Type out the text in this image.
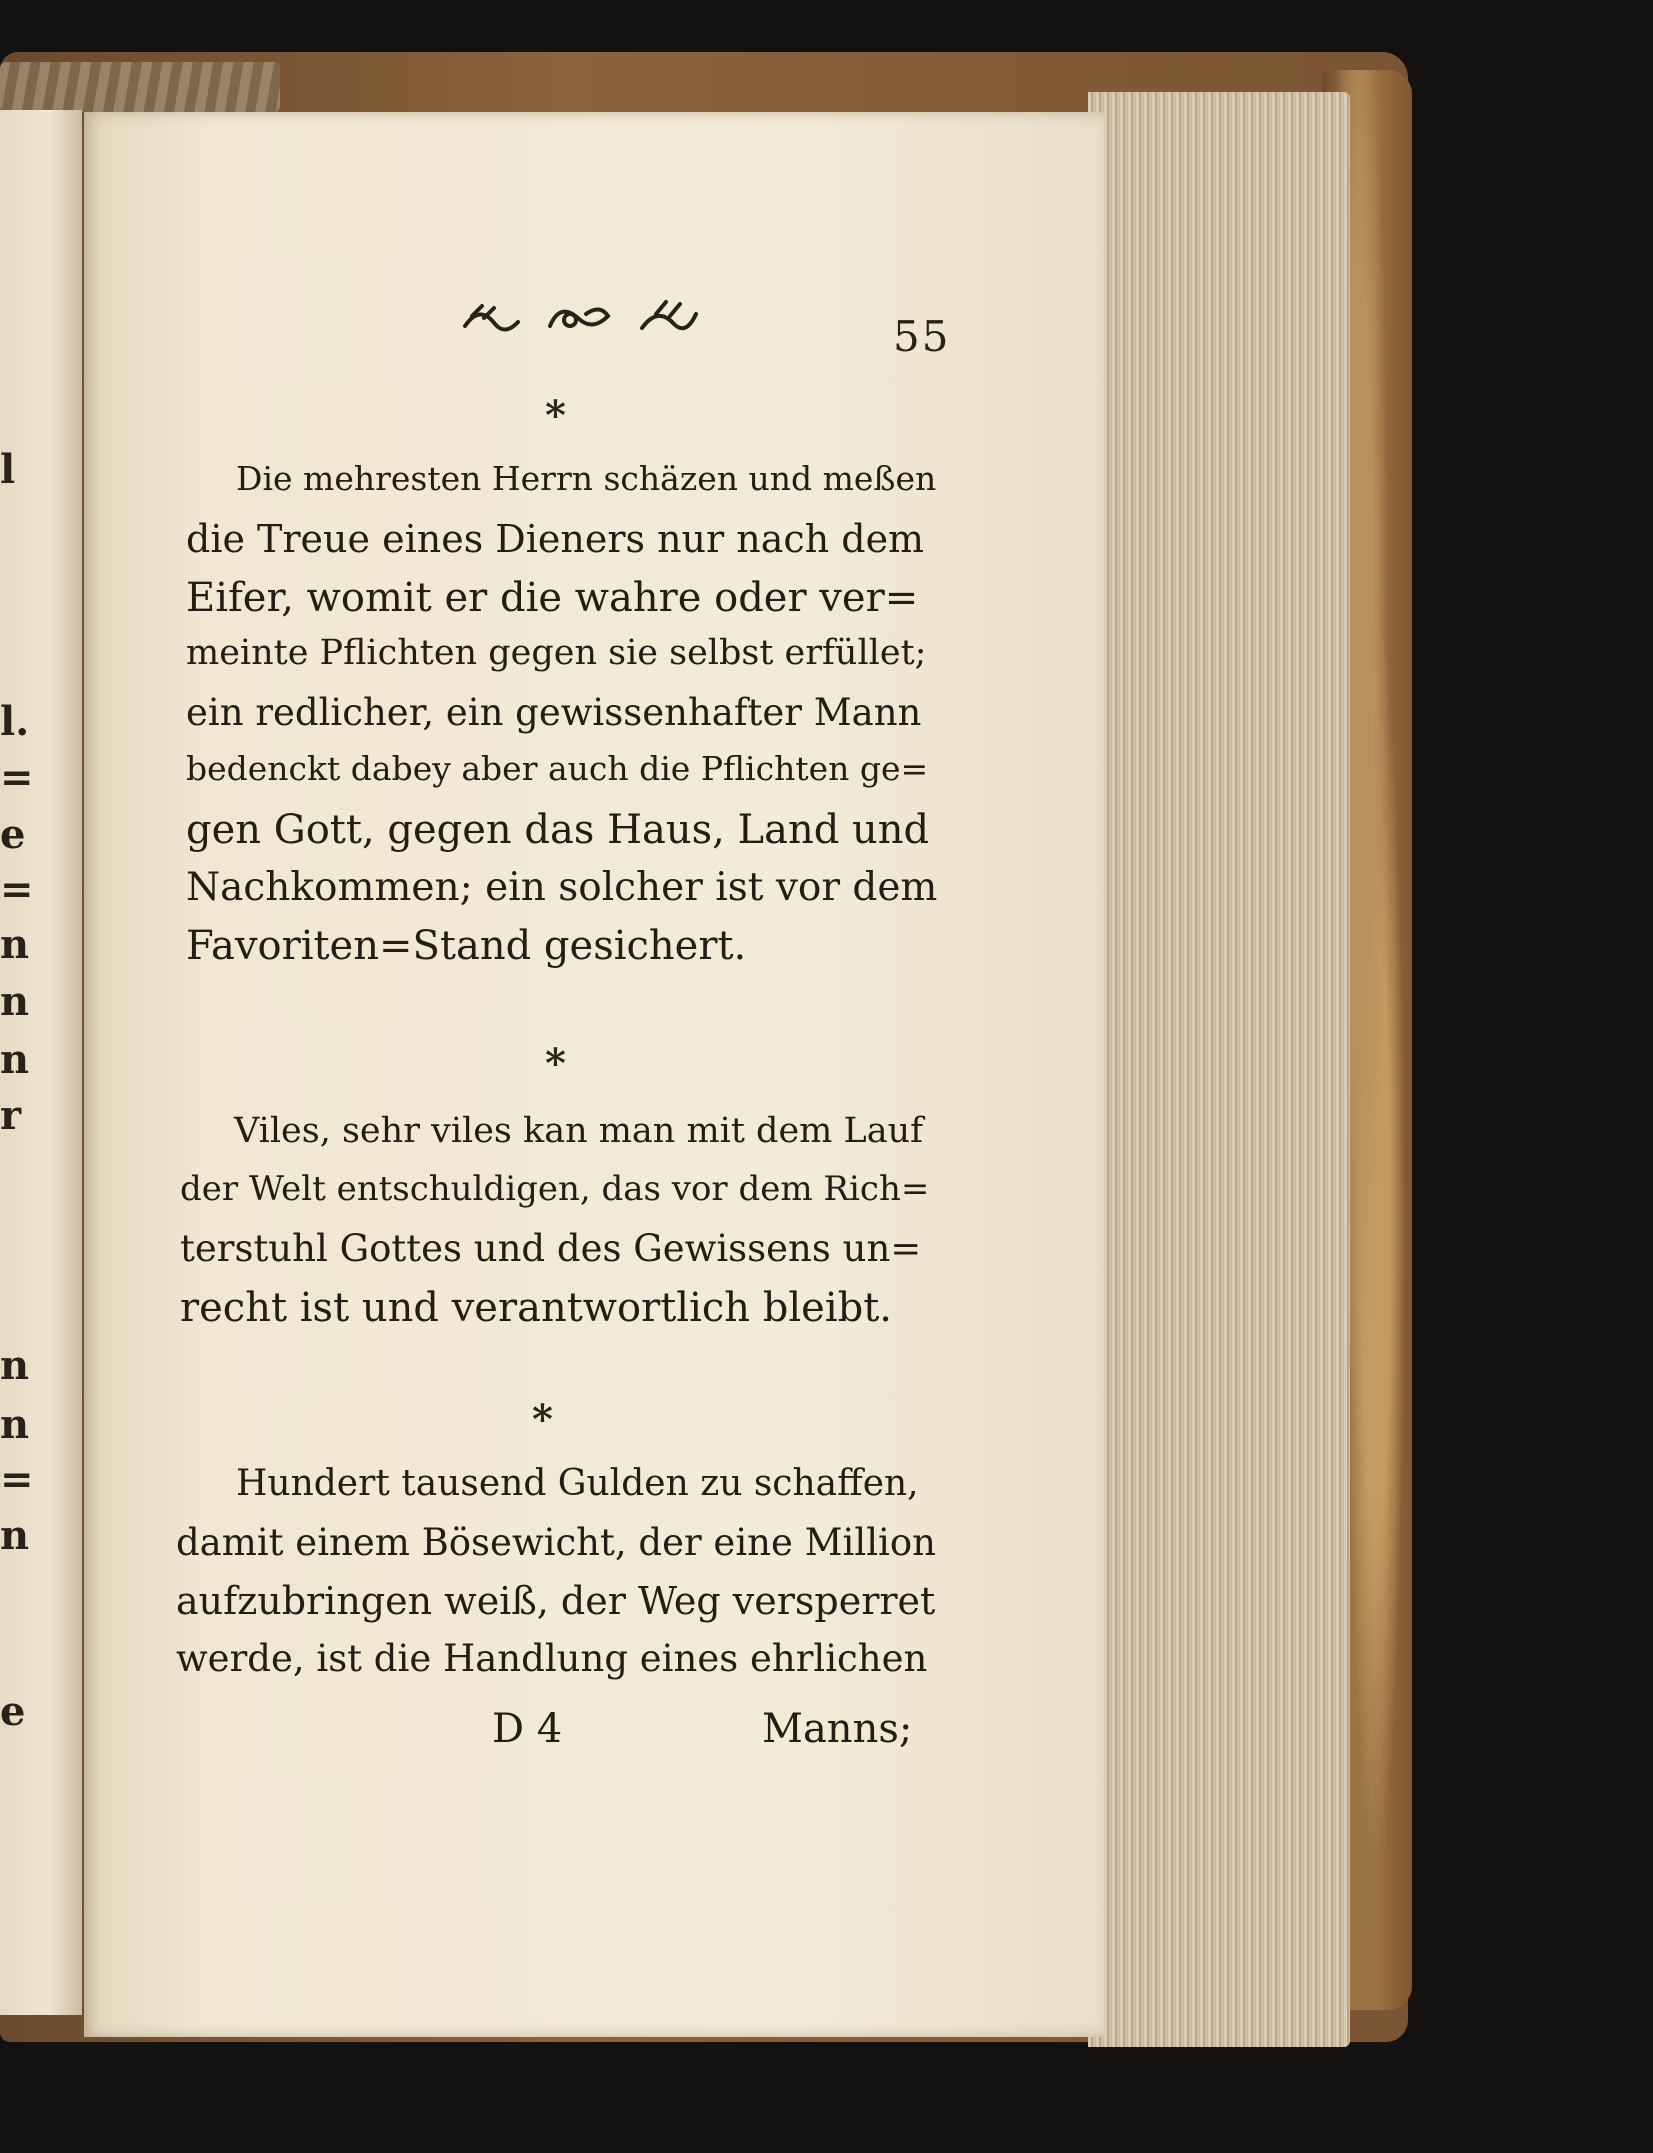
l
l.
=
e
=
n
n
n
r
n
n
=
n
e
55
*
Die mehresten Herrn schäzen und meßen
die Treue eines Dieners nur nach dem
Eifer, womit er die wahre oder ver=
meinte Pflichten gegen sie selbst erfüllet;
ein redlicher, ein gewissenhafter Mann
bedenckt dabey aber auch die Pflichten ge=
gen Gott, gegen das Haus, Land und
Nachkommen; ein solcher ist vor dem
Favoriten=Stand gesichert.
*
Viles, sehr viles kan man mit dem Lauf
der Welt entschuldigen, das vor dem Rich=
terstuhl Gottes und des Gewissens un=
recht ist und verantwortlich bleibt.
*
Hundert tausend Gulden zu schaffen,
damit einem Bösewicht, der eine Million
aufzubringen weiß, der Weg versperret
werde, ist die Handlung eines ehrlichen
D 4	Manns;
